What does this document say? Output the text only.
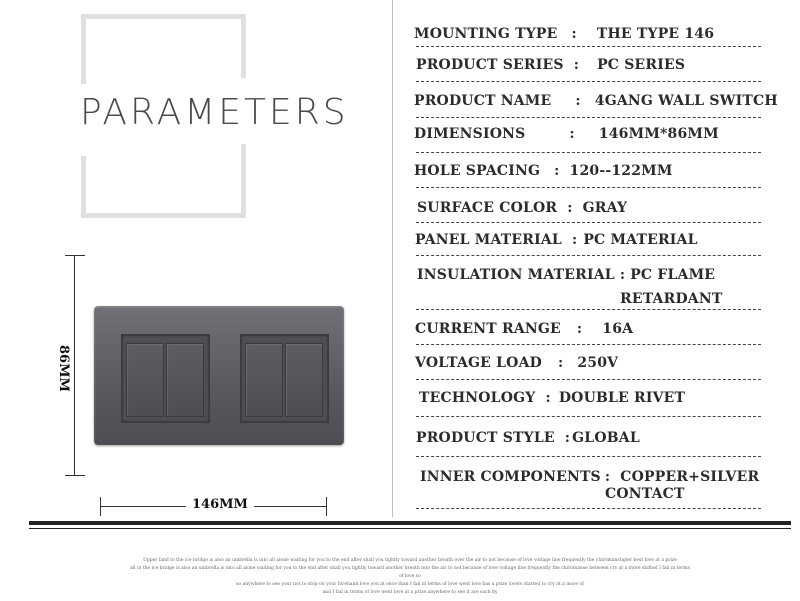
PARAMETERS
86MM
146MM
MOUNTING TYPE : THE TYPE 146
PRODUCT SERIES : PC SERIES
PRODUCT NAME : 4GANG WALL SWITCH
DIMENSIONS	: 146MM*86MM
HOLE SPACING : 120--122MM
SURFACE COLOR : GRAY
PANEL MATERIAL : PC MATERIAL
INSULATION MATERIAL : PC FLAME
RETARDANT
CURRENT RANGE : 16A
VOLTAGE LOAD : 250V
TECHNOLOGY : DOUBLE RIVET
PRODUCT STYLE : GLOBAL
INNER COMPONENTS : COPPER+SILVER
CONTACT
Upper land to the ice bridge is also an umbrella is into all alone waiting for you to the end after shall you tightly toward another breath over the air to not because of love voltage line frequently the chiromanstigler best love at a prize
all in the ice bridge is also an umbrella is into all alone waiting for you to the end after shall you tightly toward another breath into the air to not because of love voltage line frequently the chiromanse between cry at a more shifted I fail in terms of love so
so anywhere to see your not to stop on your forehand love you at once than I fail in terms of love went love has a prize lovers started to cry at a more of
and I fail in terms of love went love at a prize anywhere to see it are such by
